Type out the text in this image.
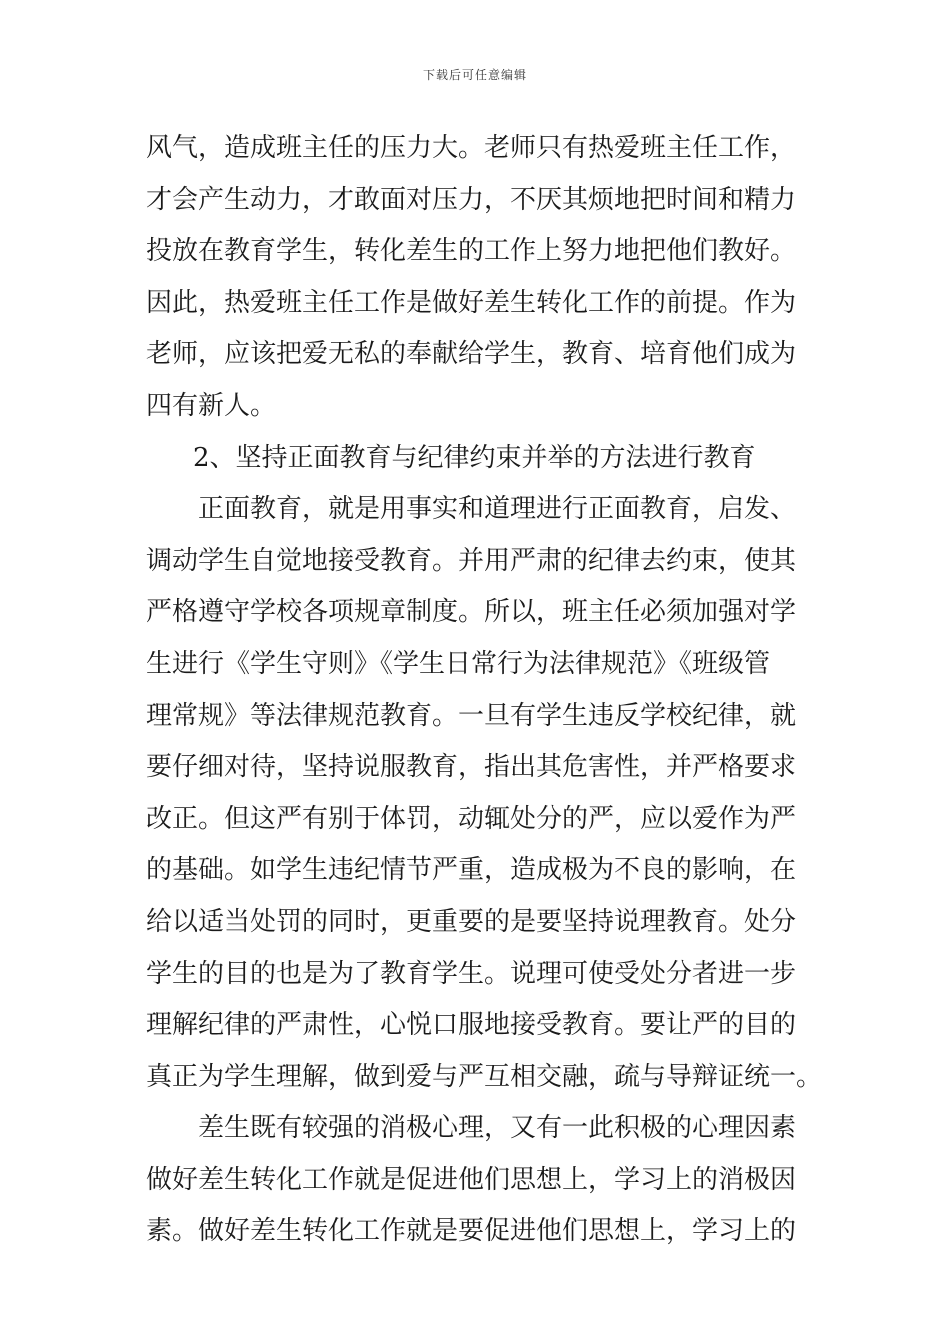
下载后可任意编辑
风气，造成班主任的压力大。老师只有热爱班主任工作，
才会产生动力，才敢面对压力，不厌其烦地把时间和精力
投放在教育学生，转化差生的工作上努力地把他们教好。
因此，热爱班主任工作是做好差生转化工作的前提。作为
老师，应该把爱无私的奉献给学生，教育、培育他们成为
四有新人。
2、坚持正面教育与纪律约束并举的方法进行教育
正面教育，就是用事实和道理进行正面教育，启发、
调动学生自觉地接受教育。并用严肃的纪律去约束，使其
严格遵守学校各项规章制度。所以，班主任必须加强对学
生进行《学生守则》《学生日常行为法律规范》《班级管
理常规》等法律规范教育。一旦有学生违反学校纪律，就
要仔细对待，坚持说服教育，指出其危害性，并严格要求
改正。但这严有别于体罚，动辄处分的严，应以爱作为严
的基础。如学生违纪情节严重，造成极为不良的影响，在
给以适当处罚的同时，更重要的是要坚持说理教育。处分
学生的目的也是为了教育学生。说理可使受处分者进一步
理解纪律的严肃性，心悦口服地接受教育。要让严的目的
真正为学生理解，做到爱与严互相交融，疏与导辩证统一。
差生既有较强的消极心理，又有一此积极的心理因素
做好差生转化工作就是促进他们思想上，学习上的消极因
素。做好差生转化工作就是要促进他们思想上，学习上的
